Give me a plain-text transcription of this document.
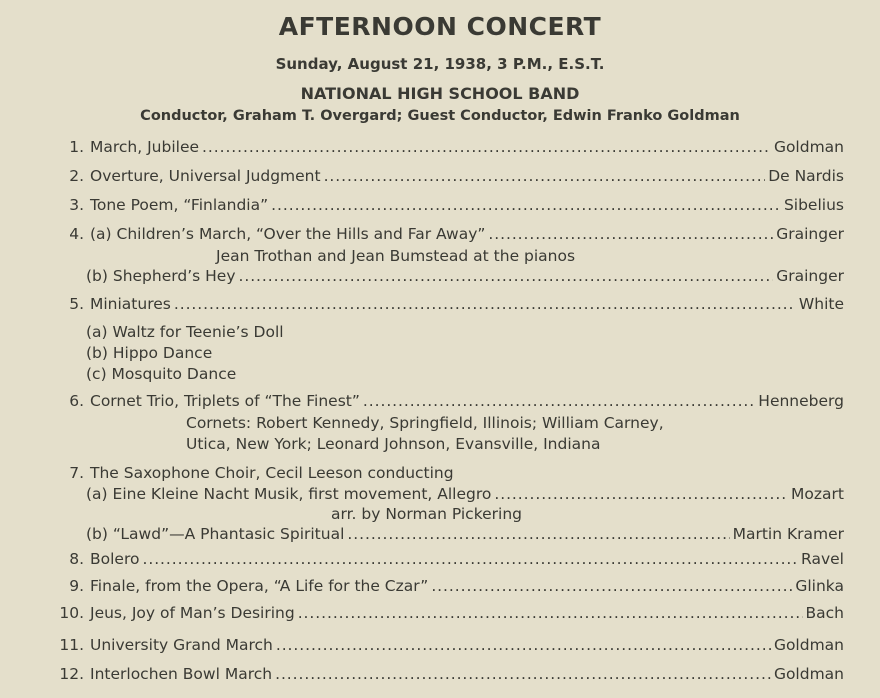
AFTERNOON CONCERT
Sunday, August 21, 1938, 3 P.M., E.S.T.
NATIONAL HIGH SCHOOL BAND
Conductor, Graham T. Overgard; Guest Conductor, Edwin Franko Goldman
1. March, Jubilee . . .	Goldman
2. Overture, Universal Judgment . . .	De Nardis
3. Tone Poem, “Finlandia” . . .	Sibelius
4. (a) Children’s March, “Over the Hills and Far Away” . . .	Grainger
Jean Trothan and Jean Bumstead at the pianos
(b) Shepherd’s Hey . . .	Grainger
5. Miniatures . . .	White
(a) Waltz for Teenie’s Doll
(b) Hippo Dance
(c) Mosquito Dance
6. Cornet Trio, Triplets of “The Finest” . . .	Henneberg
Cornets: Robert Kennedy, Springfield, Illinois; William Carney,
Utica, New York; Leonard Johnson, Evansville, Indiana
7. The Saxophone Choir, Cecil Leeson conducting
(a) Eine Kleine Nacht Musik, first movement, Allegro . . .	Mozart
arr. by Norman Pickering
(b) “Lawd”—A Phantasic Spiritual . . .	Martin Kramer
8. Bolero . . .	Ravel
9. Finale, from the Opera, “A Life for the Czar” . . .	Glinka
10. Jeus, Joy of Man’s Desiring . . .	Bach
11. University Grand March . . .	Goldman
12. Interlochen Bowl March . . .	Goldman
